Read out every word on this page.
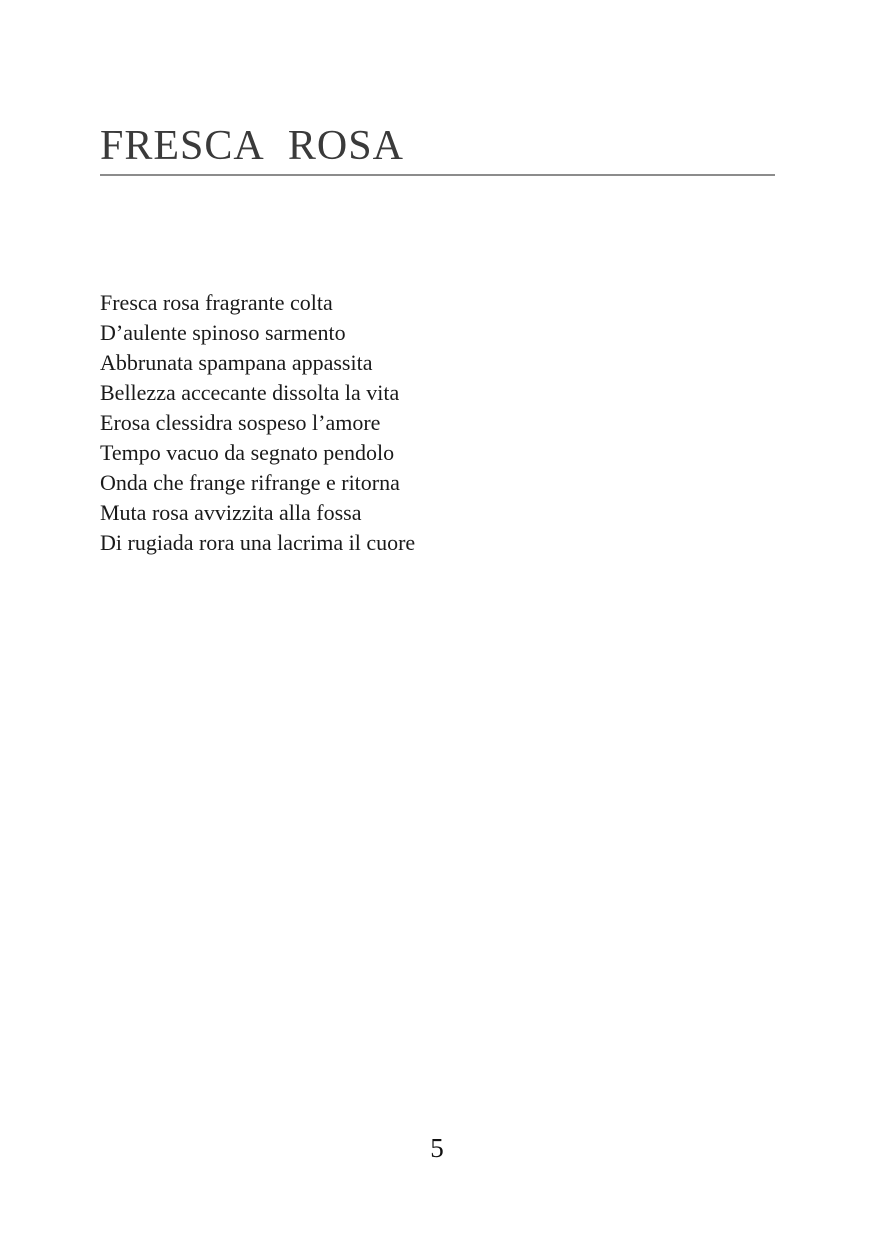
FRESCA ROSA
Fresca rosa fragrante colta
D’aulente spinoso sarmento
Abbrunata spampana appassita
Bellezza accecante dissolta la vita
Erosa clessidra sospeso l’amore
Tempo vacuo da segnato pendolo
Onda che frange rifrange e ritorna
Muta rosa avvizzita alla fossa
Di rugiada rora una lacrima il cuore
5
